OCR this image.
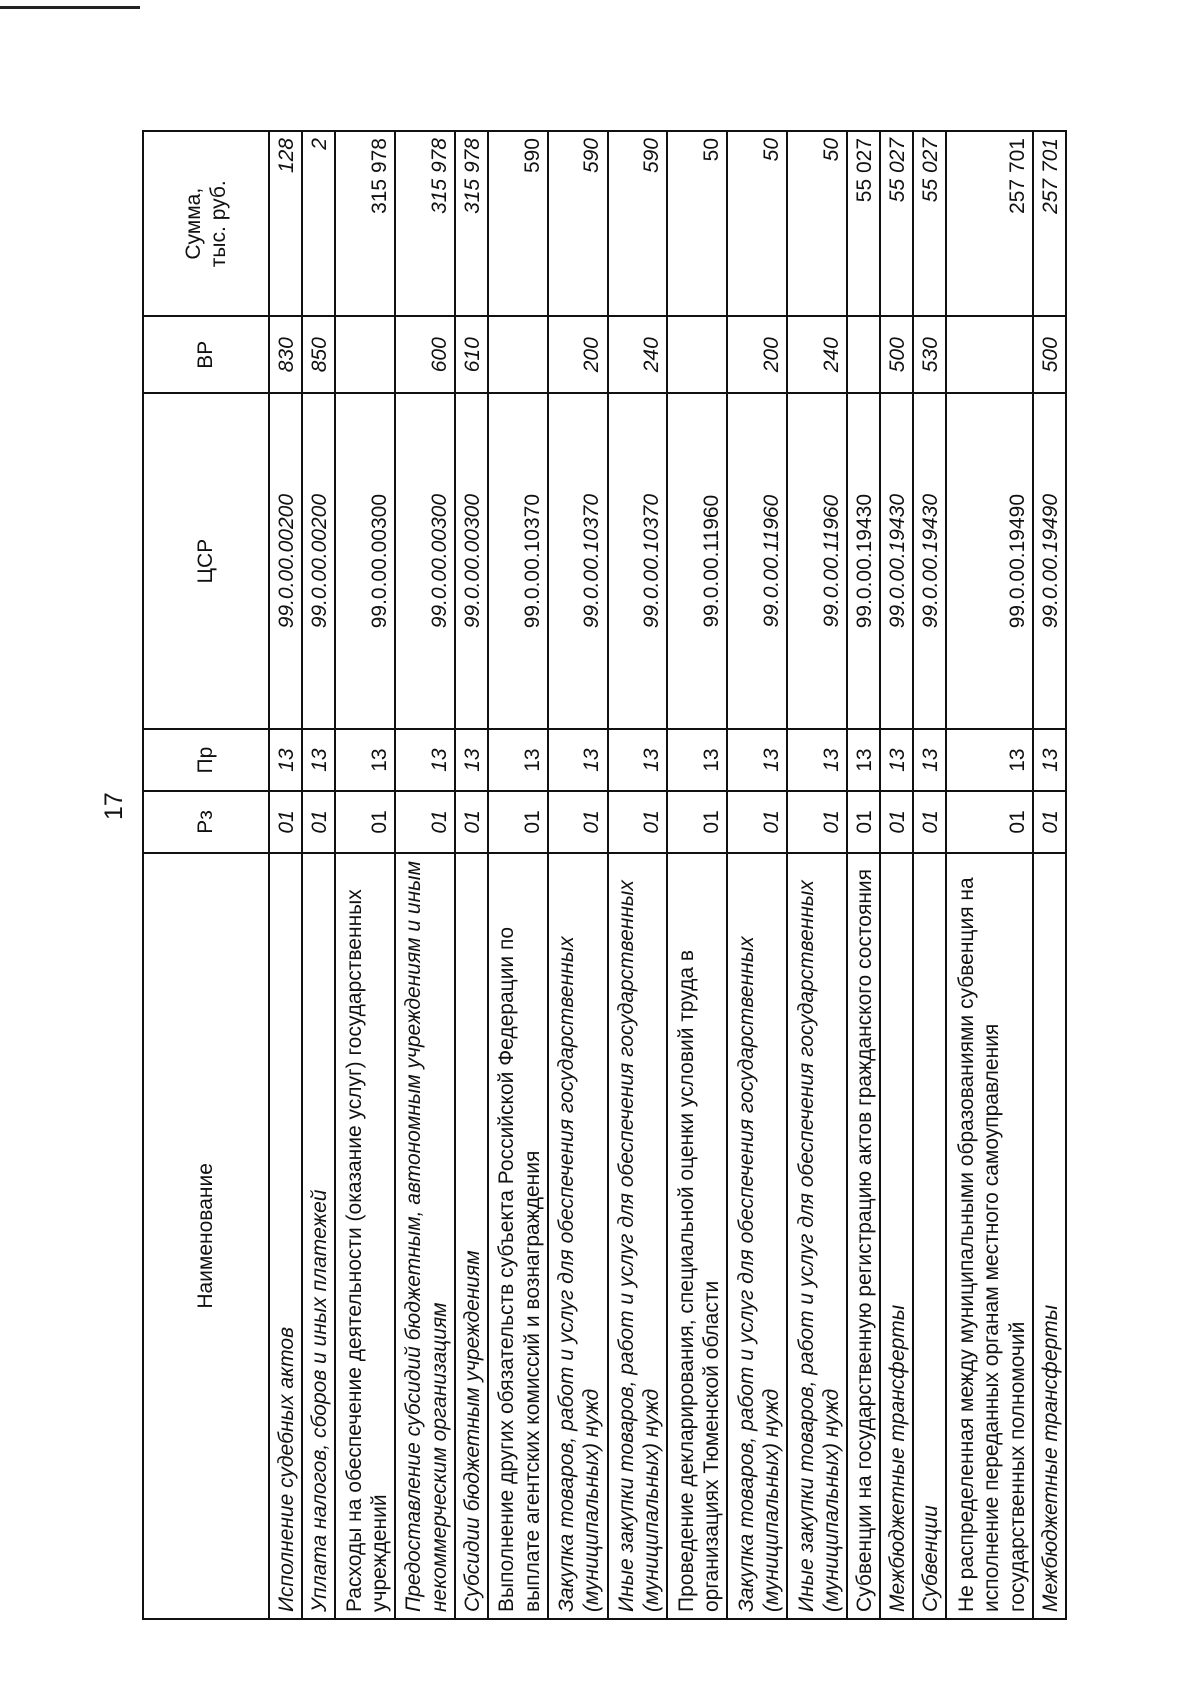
17
Наименование	Рз	Пр	ЦСР	ВР	Сумма, тыс. руб.
Исполнение судебных актов	01	13	99.0.00.00200	830	128
Уплата налогов, сборов и иных платежей	01	13	99.0.00.00200	850	2
Расходы на обеспечение деятельности (оказание услуг) государственных учреждений	01	13	99.0.00.00300		315 978
Предоставление субсидий бюджетным, автономным учреждениям и иным некоммерческим организациям	01	13	99.0.00.00300	600	315 978
Субсидии бюджетным учреждениям	01	13	99.0.00.00300	610	315 978
Выполнение других обязательств субъекта Российской Федерации по выплате агентских комиссий и вознаграждения	01	13	99.0.00.10370		590
Закупка товаров, работ и услуг для обеспечения государственных (муниципальных) нужд	01	13	99.0.00.10370	200	590
Иные закупки товаров, работ и услуг для обеспечения государственных (муниципальных) нужд	01	13	99.0.00.10370	240	590
Проведение декларирования, специальной оценки условий труда в организациях Тюменской области	01	13	99.0.00.11960		50
Закупка товаров, работ и услуг для обеспечения государственных (муниципальных) нужд	01	13	99.0.00.11960	200	50
Иные закупки товаров, работ и услуг для обеспечения государственных (муниципальных) нужд	01	13	99.0.00.11960	240	50
Субвенции на государственную регистрацию актов гражданского состояния	01	13	99.0.00.19430		55 027
Межбюджетные трансферты	01	13	99.0.00.19430	500	55 027
Субвенции	01	13	99.0.00.19430	530	55 027
Не распределенная между муниципальными образованиями субвенция на исполнение переданных органам местного самоуправления государственных полномочий	01	13	99.0.00.19490		257 701
Межбюджетные трансферты	01	13	99.0.00.19490	500	257 701
